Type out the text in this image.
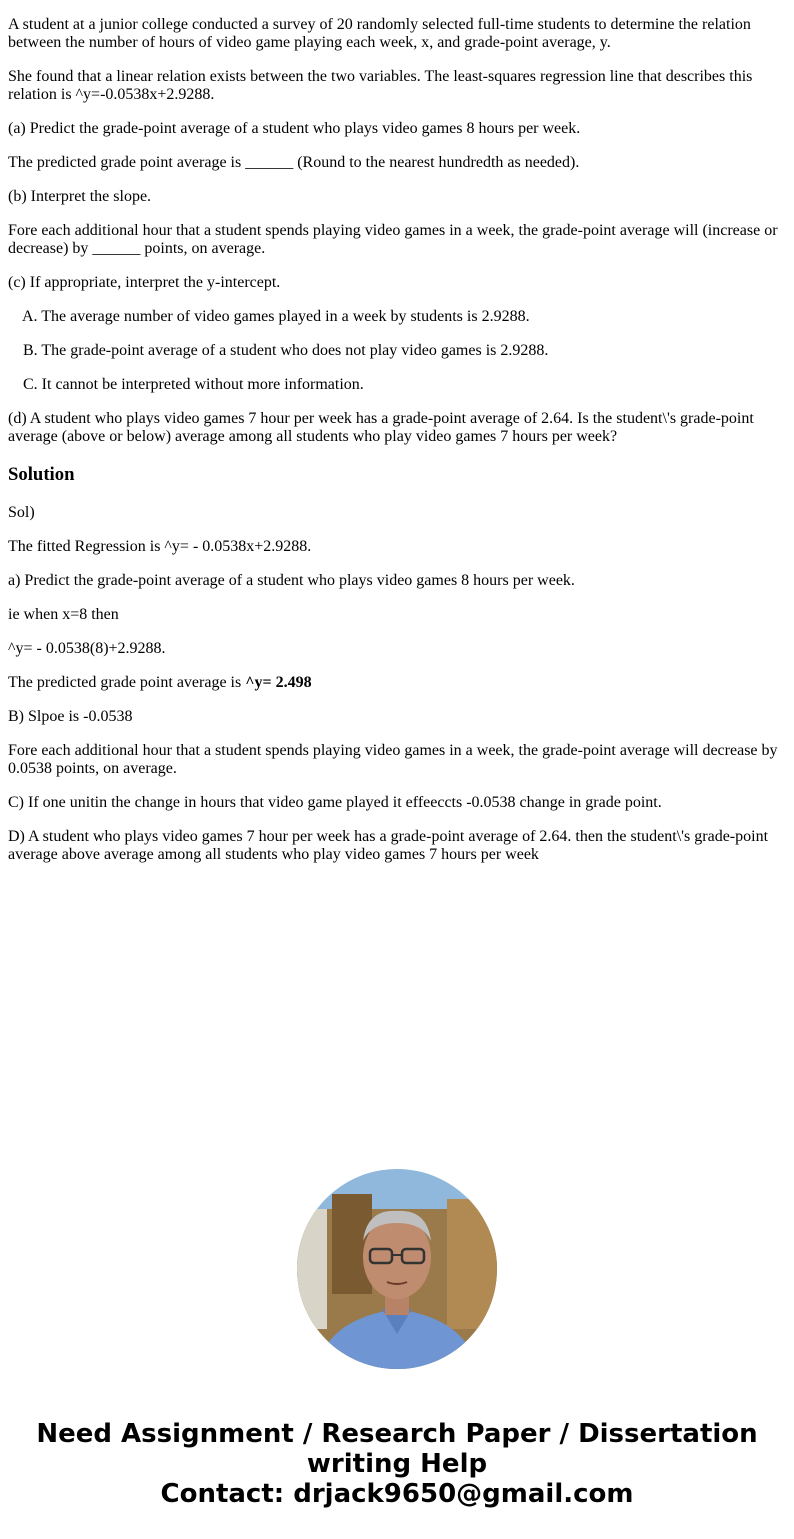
A student at a junior college conducted a survey of 20 randomly selected full-time students to determine the relation between the number of hours of video game playing each week, x, and grade-point average, y.

She found that a linear relation exists between the two variables. The least-squares regression line that describes this relation is ^y=-0.0538x+2.9288.

(a) Predict the grade-point average of a student who plays video games 8 hours per week.

The predicted grade point average is ______ (Round to the nearest hundredth as needed).

(b) Interpret the slope.

Fore each additional hour that a student spends playing video games in a week, the grade-point average will (increase or decrease) by ______ points, on average.

(c) If appropriate, interpret the y-intercept.

A. The average number of video games played in a week by students is 2.9288.

B. The grade-point average of a student who does not play video games is 2.9288.

C. It cannot be interpreted without more information.

(d) A student who plays video games 7 hour per week has a grade-point average of 2.64. Is the student\'s grade-point average (above or below) average among all students who play video games 7 hours per week?

Solution

Sol)

The fitted Regression is ^y= - 0.0538x+2.9288.

a) Predict the grade-point average of a student who plays video games 8 hours per week.

ie when x=8 then

^y= - 0.0538(8)+2.9288.

The predicted grade point average is ^y= 2.498

B) Slpoe is -0.0538

Fore each additional hour that a student spends playing video games in a week, the grade-point average will decrease by 0.0538 points, on average.

C) If one unitin the change in hours that video game played it effeeccts -0.0538 change in grade point.

D) A student who plays video games 7 hour per week has a grade-point average of 2.64. then the student\'s grade-point average above average among all students who play video games 7 hours per week

Need Assignment / Research Paper / Dissertation writing Help
Contact: drjack9650@gmail.com
